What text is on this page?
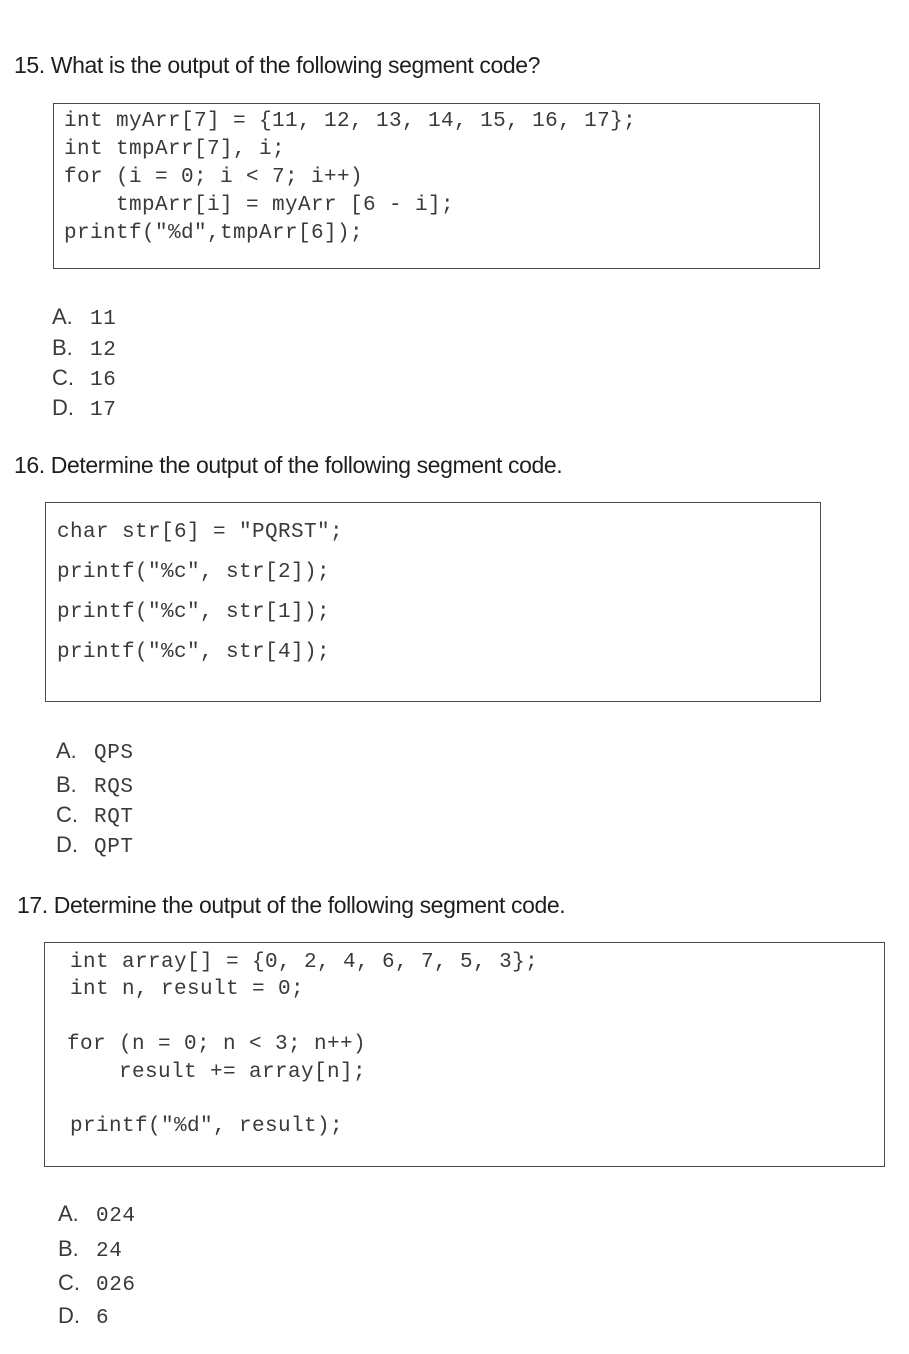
15. What is the output of the following segment code?
int myArr[7] = {11, 12, 13, 14, 15, 16, 17};
int tmpArr[7], i;
for (i = 0; i < 7; i++)
tmpArr[i] = myArr [6 - i];
printf("%d",tmpArr[6]);
A. 11
B. 12
C. 16
D. 17
16. Determine the output of the following segment code.
char str[6] = "PQRST";
printf("%c", str[2]);
printf("%c", str[1]);
printf("%c", str[4]);
A. QPS
B. RQS
C. RQT
D. QPT
17. Determine the output of the following segment code.
int array[] = {0, 2, 4, 6, 7, 5, 3};
int n, result = 0;
for (n = 0; n < 3; n++)
result += array[n];
printf("%d", result);
A. 024
B. 24
C. 026
D. 6
